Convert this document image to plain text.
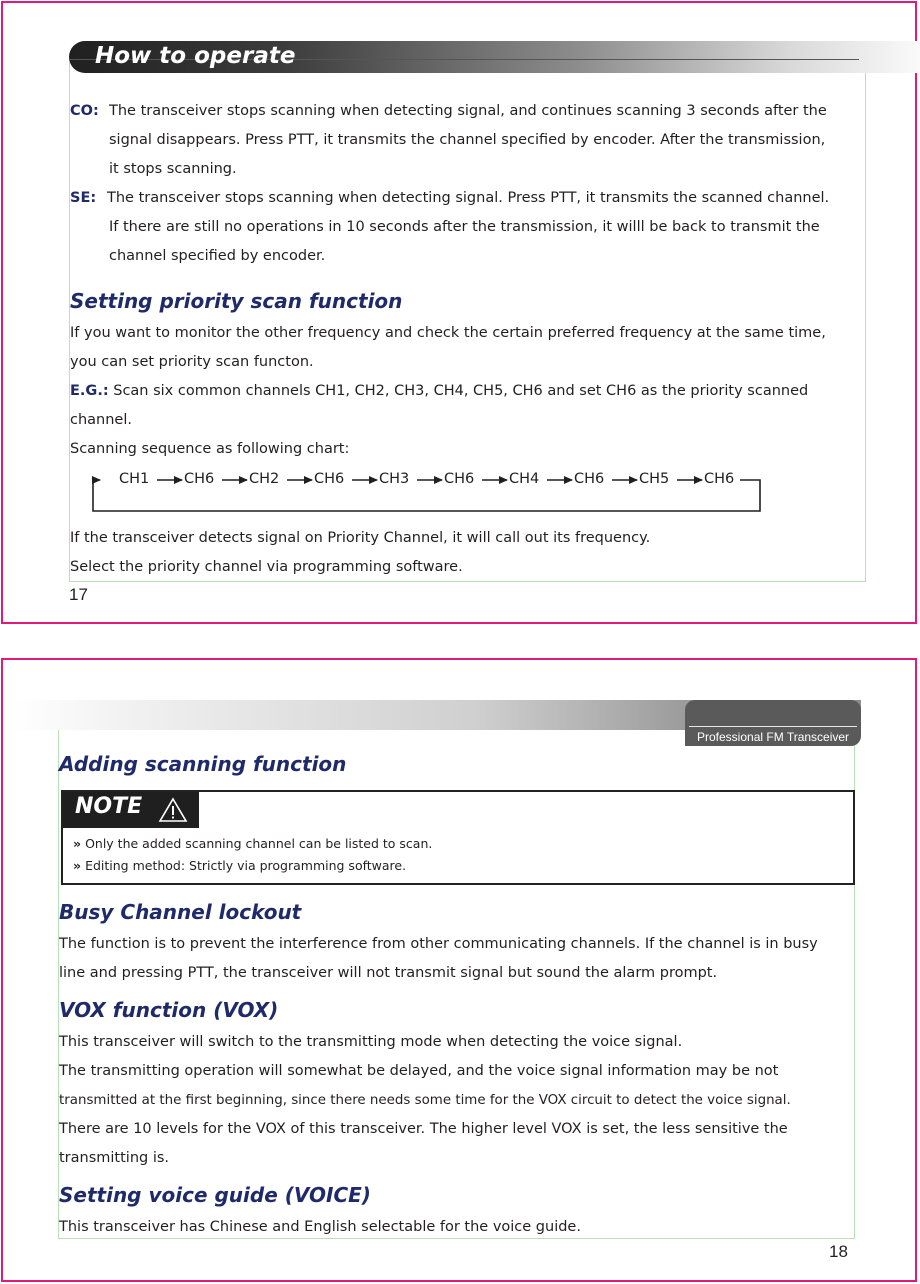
How to operate
CO: The transceiver stops scanning when detecting signal, and continues scanning 3 seconds after the
signal disappears. Press PTT, it transmits the channel specified by encoder. After the transmission,
it stops scanning.
SE: The transceiver stops scanning when detecting signal. Press PTT, it transmits the scanned channel.
If there are still no operations in 10 seconds after the transmission, it willl be back to transmit the
channel specified by encoder.
Setting priority scan function
If you want to monitor the other frequency and check the certain preferred frequency at the same time,
you can set priority scan functon.
E.G.: Scan six common channels CH1, CH2, CH3, CH4, CH5, CH6 and set CH6 as the priority scanned
channel.
Scanning sequence as following chart:
CH1 CH6 CH2 CH6 CH3 CH6 CH4 CH6 CH5 CH6
If the transceiver detects signal on Priority Channel, it will call out its frequency.
Select the priority channel via programming software.
17
Professional FM Transceiver
Adding scanning function
NOTE
» Only the added scanning channel can be listed to scan.
» Editing method: Strictly via programming software.
Busy Channel lockout
The function is to prevent the interference from other communicating channels. If the channel is in busy
line and pressing PTT, the transceiver will not transmit signal but sound the alarm prompt.
VOX function (VOX)
This transceiver will switch to the transmitting mode when detecting the voice signal.
The transmitting operation will somewhat be delayed, and the voice signal information may be not
transmitted at the first beginning, since there needs some time for the VOX circuit to detect the voice signal.
There are 10 levels for the VOX of this transceiver. The higher level VOX is set, the less sensitive the
transmitting is.
Setting voice guide (VOICE)
This transceiver has Chinese and English selectable for the voice guide.
18
